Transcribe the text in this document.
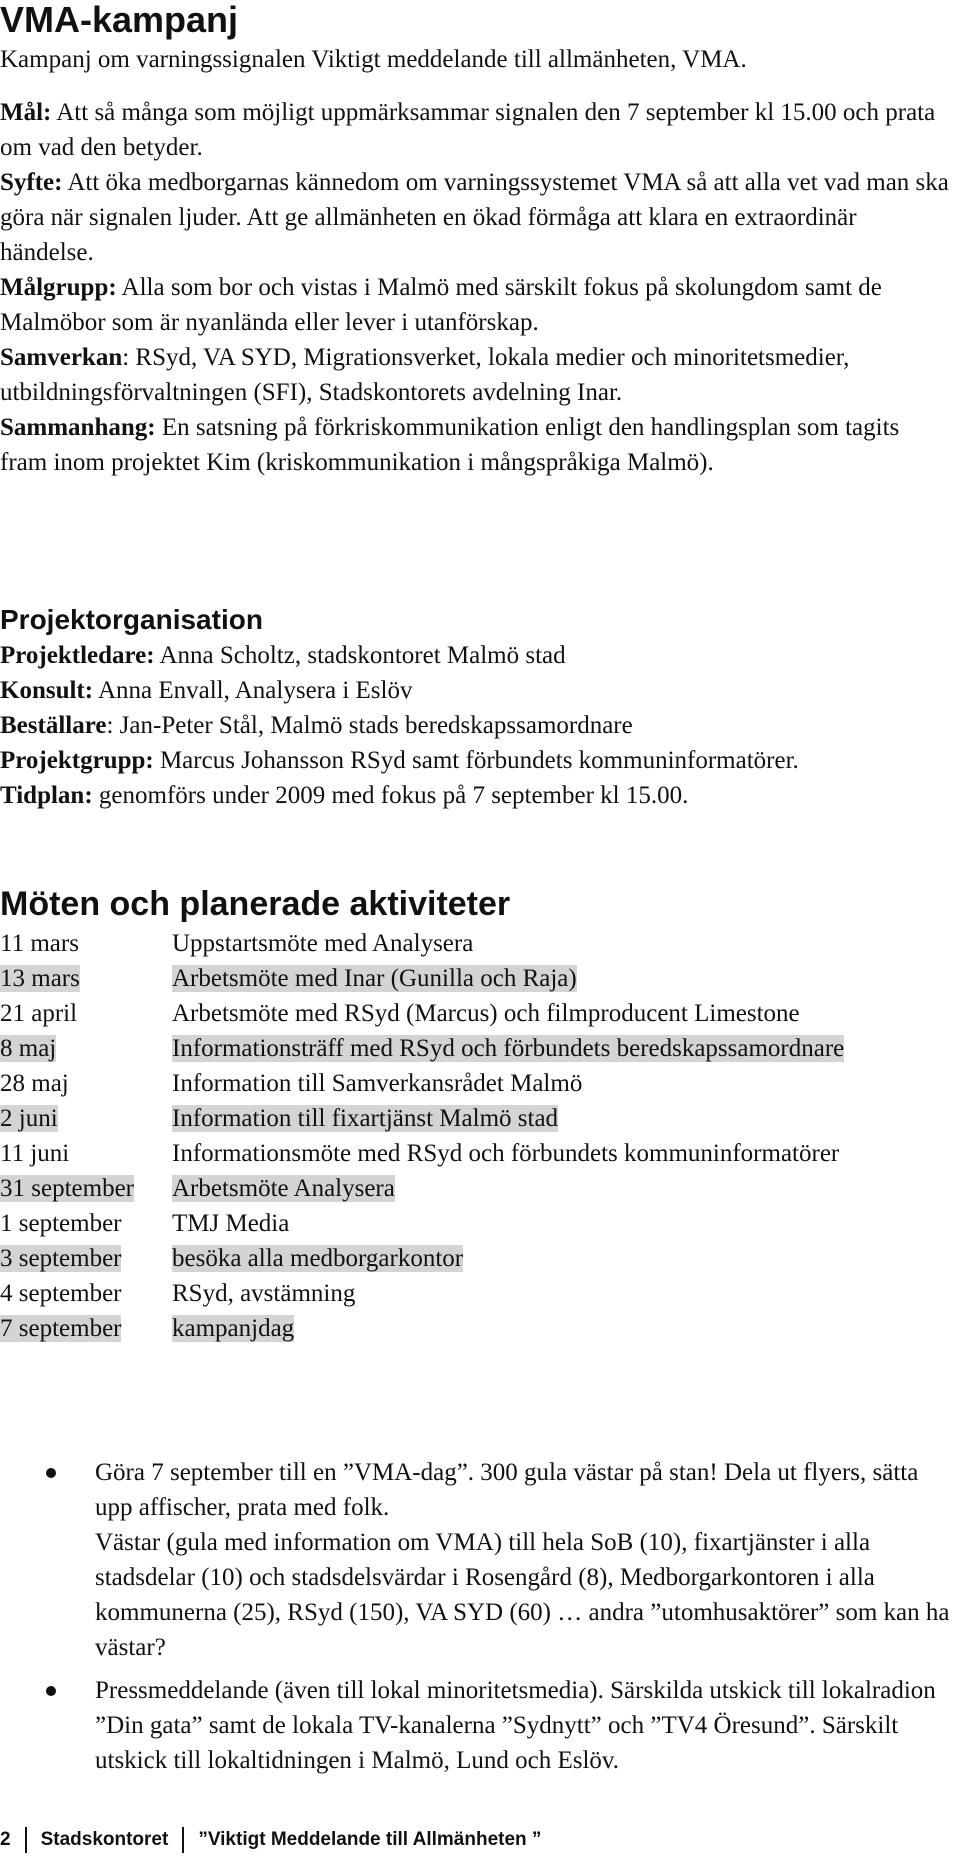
VMA-kampanj

Kampanj om varningssignalen Viktigt meddelande till allmänheten, VMA.

Mål: Att så många som möjligt uppmärksammar signalen den 7 september kl 15.00 och prata om vad den betyder.

Syfte: Att öka medborgarnas kännedom om varningssystemet VMA så att alla vet vad man ska göra när signalen ljuder. Att ge allmänheten en ökad förmåga att klara en extraordinär händelse.

Målgrupp: Alla som bor och vistas i Malmö med särskilt fokus på skolungdom samt de Malmöbor som är nyanlända eller lever i utanförskap.

Samverkan: RSyd, VA SYD, Migrationsverket, lokala medier och minoritetsmedier, utbildningsförvaltningen (SFI), Stadskontorets avdelning Inar.

Sammanhang: En satsning på förkriskommunikation enligt den handlingsplan som tagits fram inom projektet Kim (kriskommunikation i mångspråkiga Malmö).

Projektorganisation

Projektledare: Anna Scholtz, stadskontoret Malmö stad

Konsult: Anna Envall, Analysera i Eslöv

Beställare: Jan-Peter Stål, Malmö stads beredskapssamordnare

Projektgrupp: Marcus Johansson RSyd samt förbundets kommuninformatörer.

Tidplan: genomförs under 2009 med fokus på 7 september kl 15.00.

Möten och planerade aktiviteter
11 mars	Uppstartsmöte med Analysera
13 mars	Arbetsmöte med Inar (Gunilla och Raja)
21 april	Arbetsmöte med RSyd (Marcus) och filmproducent Limestone
8 maj	Informationsträff med RSyd och förbundets beredskapssamordnare
28 maj	Information till Samverkansrådet Malmö
2 juni	Information till fixartjänst Malmö stad
11 juni	Informationsmöte med RSyd och förbundets kommuninformatörer
31 september	Arbetsmöte Analysera
1 september	TMJ Media
3 september	besöka alla medborgarkontor
4 september	RSyd, avstämning
7 september	kampanjdag
Göra 7 september till en ”VMA-dag”. 300 gula västar på stan! Dela ut flyers, sätta upp affischer, prata med folk.
Västar (gula med information om VMA) till hela SoB (10), fixartjänster i alla stadsdelar (10) och stadsdelsvärdar i Rosengård (8), Medborgarkontoren i alla kommunerna (25), RSyd (150), VA SYD (60) … andra ”utomhusaktörer” som kan ha västar?
Pressmeddelande (även till lokal minoritetsmedia). Särskilda utskick till lokalradion ”Din gata” samt de lokala TV-kanalerna ”Sydnytt” och ”TV4 Öresund”. Särskilt utskick till lokaltidningen i Malmö, Lund och Eslöv.
2 Stadskontoret ”Viktigt Meddelande till Allmänheten ”
